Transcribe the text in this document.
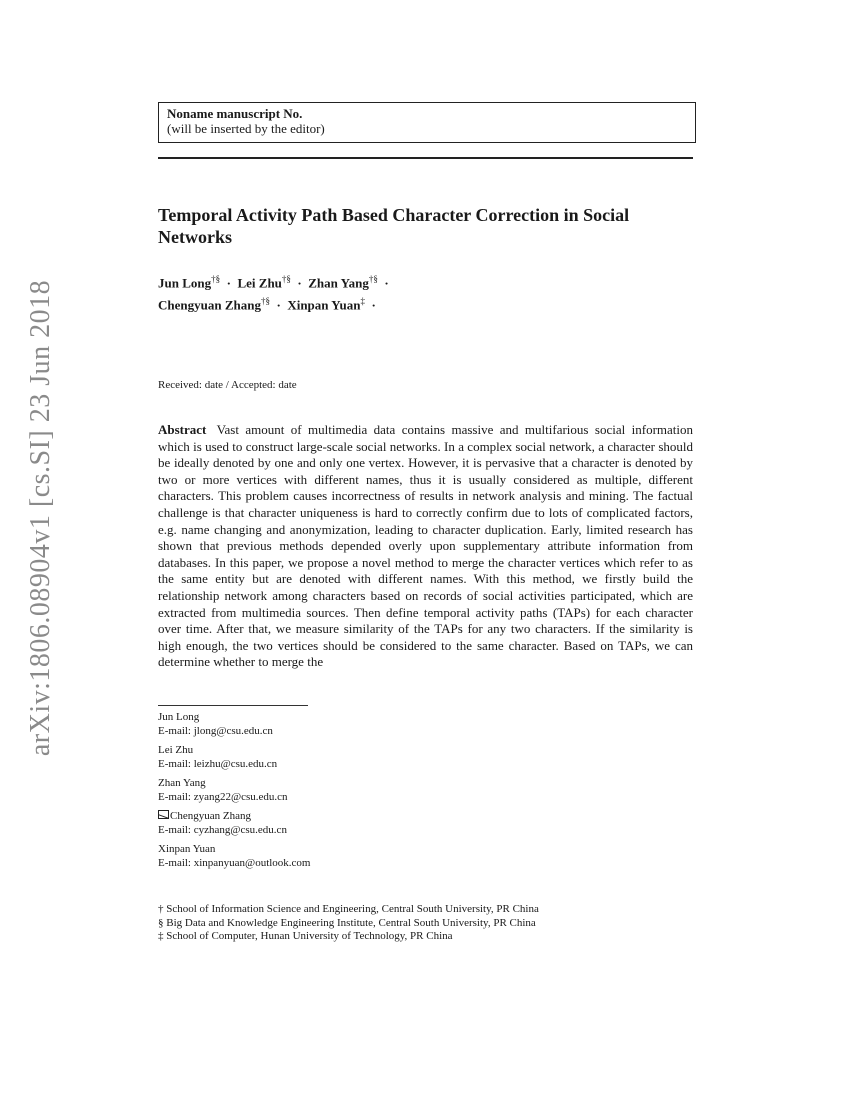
arXiv:1806.08904v1 [cs.SI] 23 Jun 2018
Noname manuscript No.
(will be inserted by the editor)
Temporal Activity Path Based Character Correction in Social Networks
Jun Long†§ · Lei Zhu†§ · Zhan Yang†§ ·
Chengyuan Zhang†§ · Xinpan Yuan‡ ·
Received: date / Accepted: date
Abstract Vast amount of multimedia data contains massive and multifarious social information which is used to construct large-scale social networks. In a complex social network, a character should be ideally denoted by one and only one vertex. However, it is pervasive that a character is denoted by two or more vertices with different names, thus it is usually considered as multiple, different characters. This problem causes incorrectness of results in network analysis and mining. The factual challenge is that character uniqueness is hard to correctly confirm due to lots of complicated factors, e.g. name changing and anonymization, leading to character duplication. Early, limited research has shown that previous methods depended overly upon supplementary attribute information from databases. In this paper, we propose a novel method to merge the character vertices which refer to as the same entity but are denoted with different names. With this method, we firstly build the relationship network among characters based on records of social activities participated, which are extracted from multimedia sources. Then define temporal activity paths (TAPs) for each character over time. After that, we measure similarity of the TAPs for any two characters. If the similarity is high enough, the two vertices should be considered to the same character. Based on TAPs, we can determine whether to merge the
Jun Long
E-mail: jlong@csu.edu.cn
Lei Zhu
E-mail: leizhu@csu.edu.cn
Zhan Yang
E-mail: zyang22@csu.edu.cn
Chengyuan Zhang
E-mail: cyzhang@csu.edu.cn
Xinpan Yuan
E-mail: xinpanyuan@outlook.com
† School of Information Science and Engineering, Central South University, PR China
§ Big Data and Knowledge Engineering Institute, Central South University, PR China
‡ School of Computer, Hunan University of Technology, PR China
